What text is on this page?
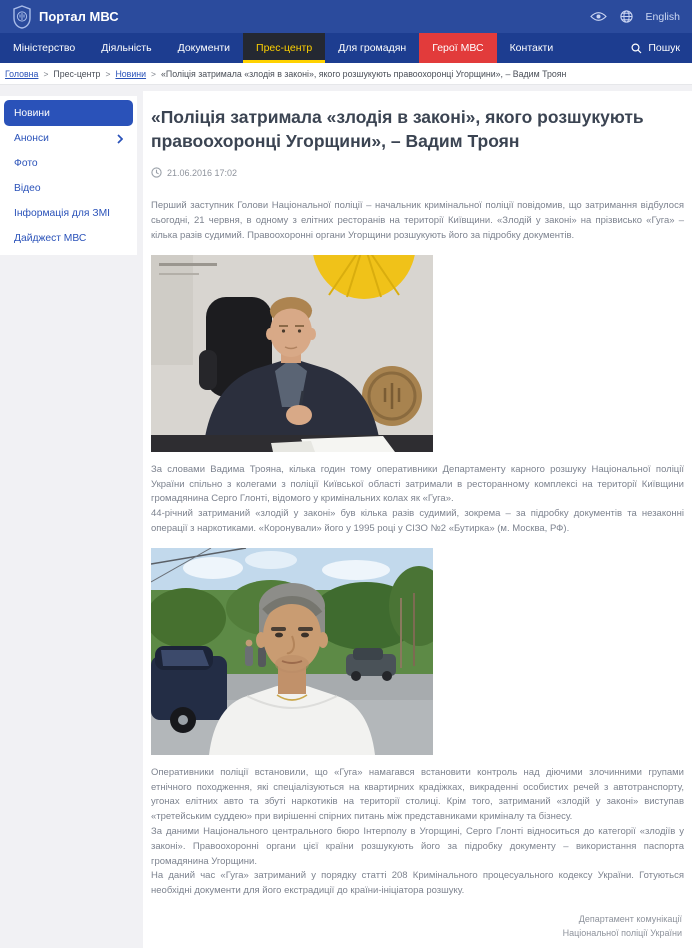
Портал МВС	English
Міністерство	Діяльність	Документи	Прес-центр	Для громадян	Герої МВС	Контакти	Пошук
Головна > Прес-центр > Новини > «Поліція затримала «злодія в законі», якого розшукують правоохоронці Угорщини», – Вадим Троян
Новини
Анонси
Фото
Відео
Інформація для ЗМІ
Дайджест МВС
«Поліція затримала «злодія в законі», якого розшукують правоохоронці Угорщини», – Вадим Троян
21.06.2016 17:02

Перший заступник Голови Національної поліції – начальник кримінальної поліції повідомив, що затримання відбулося сьогодні, 21 червня, в одному з елітних ресторанів на території Київщини. «Злодій у законі» на прізвисько «Гуга» – кілька разів судимий. Правоохоронні органи Угорщини розшукують його за підробку документів.

За словами Вадима Трояна, кілька годин тому оперативники Департаменту карного розшуку Національної поліції України спільно з колегами з поліції Київської області затримали в ресторанному комплексі на території Київщини громадянина Серго Глонті, відомого у кримінальних колах як «Гуга».

44-річний затриманий «злодій у законі» був кілька разів судимий, зокрема – за підробку документів та незаконні операції з наркотиками. «Коронували» його у 1995 році у СІЗО №2 «Бутирка» (м. Москва, РФ).

Оперативники поліції встановили, що «Гуга» намагався встановити контроль над діючими злочинними групами етнічного походження, які спеціалізуються на квартирних крадіжках, викраденні особистих речей з автотранспорту, угонах елітних авто та збуті наркотиків на території столиці. Крім того, затриманий «злодій у законі» виступав «третейським суддею» при вирішенні спірних питань між представниками криміналу та бізнесу.

За даними Національного центрального бюро Інтерполу в Угорщині, Серго Глонті відноситься до категорії «злодіїв у законі». Правоохоронні органи цієї країни розшукують його за підробку документу – використання паспорта громадянина Угорщини.

На даний час «Гуга» затриманий у порядку статті 208 Кримінального процесуального кодексу України. Готуються необхідні документи для його екстрадиції до країни-ініціатора розшуку.

Департамент комунікації
Національної поліції України
